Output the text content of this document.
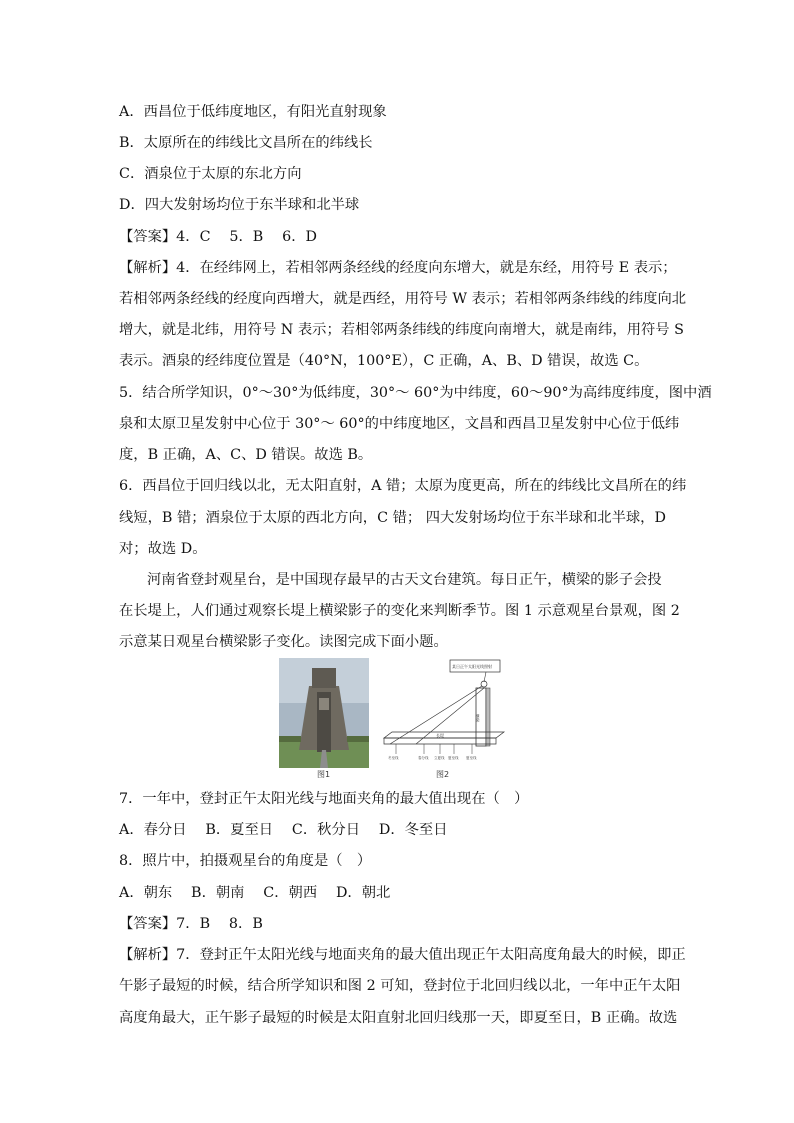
A．西昌位于低纬度地区，有阳光直射现象
B．太原所在的纬线比文昌所在的纬线长
C．酒泉位于太原的东北方向
D．四大发射场均位于东半球和北半球
【答案】4．C　 5．B　 6．D
【解析】4．在经纬网上，若相邻两条经线的经度向东增大，就是东经，用符号 E 表示；
若相邻两条经线的经度向西增大，就是西经，用符号 W 表示；若相邻两条纬线的纬度向北
增大，就是北纬，用符号 N 表示；若相邻两条纬线的纬度向南增大，就是南纬，用符号 S
表示。酒泉的经纬度位置是（40°N，100°E），C 正确，A、B、D 错误，故选 C。
5．结合所学知识，0°～30°为低纬度，30°～ 60°为中纬度，60～90°为高纬度纬度，图中酒
泉和太原卫星发射中心位于 30°～ 60°的中纬度地区，文昌和西昌卫星发射中心位于低纬
度，B 正确，A、C、D 错误。故选 B。
6．西昌位于回归线以北，无太阳直射，A 错；太原为度更高，所在的纬线比文昌所在的纬
线短，B 错；酒泉位于太原的西北方向，C 错； 四大发射场均位于东半球和北半球，D
对；故选 D。
河南省登封观星台，是中国现存最早的古天文台建筑。每日正午，横梁的影子会投
在长堤上，人们通过观察长堤上横梁影子的变化来判断季节。图 1 示意观星台景观，图 2
示意某日观星台横梁影子变化。读图完成下面小题。
图1
某日正午太阳光线照射
横梁
长堤
冬至线	春分线 立夏线 夏至线 夏至线
图2
7．一年中，登封正午太阳光线与地面夹角的最大值出现在（　）
A．春分日　 B．夏至日　 C．秋分日　 D．冬至日
8．照片中，拍摄观星台的角度是（　）
A．朝东　 B．朝南　 C．朝西　 D．朝北
【答案】7．B　 8．B
【解析】7．登封正午太阳光线与地面夹角的最大值出现正午太阳高度角最大的时候，即正
午影子最短的时候，结合所学知识和图 2 可知，登封位于北回归线以北，一年中正午太阳
高度角最大，正午影子最短的时候是太阳直射北回归线那一天，即夏至日，B 正确。故选
